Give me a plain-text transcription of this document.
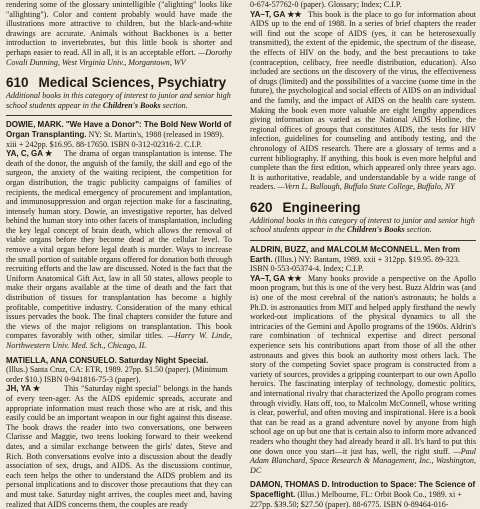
rendering some of the glossary unintelligible ("alighting" looks like "allighting"). Color and content probably would have made the illustrations more attractive to children, but the black-and-white drawings are accurate. Animals without Backbones is a better introduction to invertebrates, but this little book is shorter and perhaps easier to read. All in all, it is an acceptable effort. —Dorothy Covali Dunning, West Virginia Univ., Morgantown, WV

610 Medical Sciences, Psychiatry

Additional books in this category of interest to junior and senior high school students appear in the Children's Books section.

DOWIE, MARK. "We Have a Donor": The Bold New World of Organ Transplanting. NY: St. Martin's, 1988 (released in 1989). xiii + 242pp. $16.95. 88-17650. ISBN 0-312-02316-2. C.I.P.

YA, C, GA ★	The drama of organ transplantation is intense. The death of the donor, the anguish of the family, the skill and ego of the surgeon, the anxiety of the waiting recipient, the competition for organ distribution, the tragic publicity campaigns of families of recipients, the medical emergency of procurement and implantation, and immunosuppression and organ rejection make for a fascinating, intensely human story. Dowie, an investigative reporter, has delved behind the human story into other facets of transplantation, including the key legal concept of brain death, which allows the removal of viable organs before they become dead at the cellular level. To remove a vital organ before legal death is murder. Ways to increase the small portion of suitable organs offered for donation both through recruiting efforts and the law are discussed. Noted is the fact that the Uniform Anatomical Gift Act, law in all 50 states, allows people to make their organs available at the time of death and the fact that distribution of tissues for transplantation has become a highly profitable, competitive industry. Consideration of the many ethical issues pervades the book. The final chapters consider the future and the views of the major religions on transplantation. This book compares favorably with other, similar titles. —Harry W. Linde, Northwestern Univ. Med. Sch., Chicago, IL

MATIELLA, ANA CONSUELO. Saturday Night Special. (Illus.) Santa Cruz, CA: ETR, 1989. 27pp. $1.50 (paper). (Minimum order $10.) ISBN 0-941816-75-3 (paper).

JH, YA ★	This "Saturday night special" belongs in the hands of every teen-ager. As the AIDS epidemic spreads, accurate and appropriate information must reach those who are at risk, and this easily could be an important weapon in our fight against this disease. The book draws the reader into two conversations, one between Clarisse and Maggie, two teens looking forward to their weekend dates, and a similar exchange between the girls' dates, Steve and Rich. Both conversations evolve into a discussion about the deadly association of sex, drugs, and AIDS. As the discussions continue, each teen helps the other to understand the AIDS problem and its personal implications and to discover those precautions that they can and must take. Saturday night arrives, the couples meet and, having realized that AIDS concerns them, the couples are ready

0-674-57762-0 (paper). Glossary; Index; C.I.P.

YA–T, GA ★★ This book is the place to go for information about AIDS up to the end of 1988. In a series of brief chapters the reader will find out the scope of AIDS (yes, it can be heterosexually transmitted), the extent of the epidemic, the spectrum of the disease, the effects of HIV on the body, and the best precautions to take (contraception, celibacy, free needle distribution, education). Also included are sections on the discovery of the virus, the effectiveness of drugs (limited) and the possibilities of a vaccine (some time in the future), the psychological and social effects of AIDS on an individual and the family, and the impact of AIDS on the health care system. Making the book even more valuable are eight lengthy appendices giving information as varied as the National AIDS Hotline, the regional offices of groups that constitutes AIDS, the tests for HIV infection, guidelines for counseling and antibody testing, and the chronology of AIDS research. There are a glossary of terms and a current bibliography. If anything, this book is even more helpful and complete than the first edition, which appeared only three years ago. It is authoritative, readable, and understandable by a wide range of readers. —Vern L. Bullough, Buffalo State College, Buffalo, NY

620 Engineering

Additional books in this category of interest to junior and senior high school students appear in the Children's Books section.

ALDRIN, BUZZ, and MALCOLM McCONNELL. Men from Earth. (Illus.) NY: Bantam, 1989. xxii + 312pp. $19.95. 89-323. ISBN 0-553-05374-4. Index; C.I.P.

YA–T, GA ★★ Many books provide a perspective on the Apollo moon program, but this is one of the very best. Buzz Aldrin was (and is) one of the most cerebral of the nation's astronauts; he holds a Ph.D. in astronautics from MIT and helped apply firsthand the newly worked-out implications of the physical dynamics to all the intricacies of the Gemini and Apollo programs of the 1960s. Aldrin's rare combination of technical expertise and direct personal experience sets his contributions apart from those of all the other astronauts and gives this book an authority most others lack. The story of the competing Soviet space program is constructed from a variety of sources, provides a gripping counterpart to our own Apollo heroics. The fascinating interplay of technology, domestic politics, and international rivalry that characterized the Apollo program comes through vividly. Hats off, too, to Malcolm McConnell, whose writing is clear, powerful, and often moving and inspirational. Here is a book that can be read as a grand adventure novel by anyone from high school age on up but one that is certain also to inform more advanced readers who thought they had already heard it all. It's hard to put this one down once you start—it just has, well, the right stuff. —Paul Adam Blanchard, Space Research & Management, Inc., Washington, DC

DAMON, THOMAS D. Introduction to Space: The Science of Spaceflight. (Illus.) Melbourne, FL: Orbit Book Co., 1989. xi + 227pp. $39.50; $27.50 (paper). 88-6775. ISBN 0-89464-016-
